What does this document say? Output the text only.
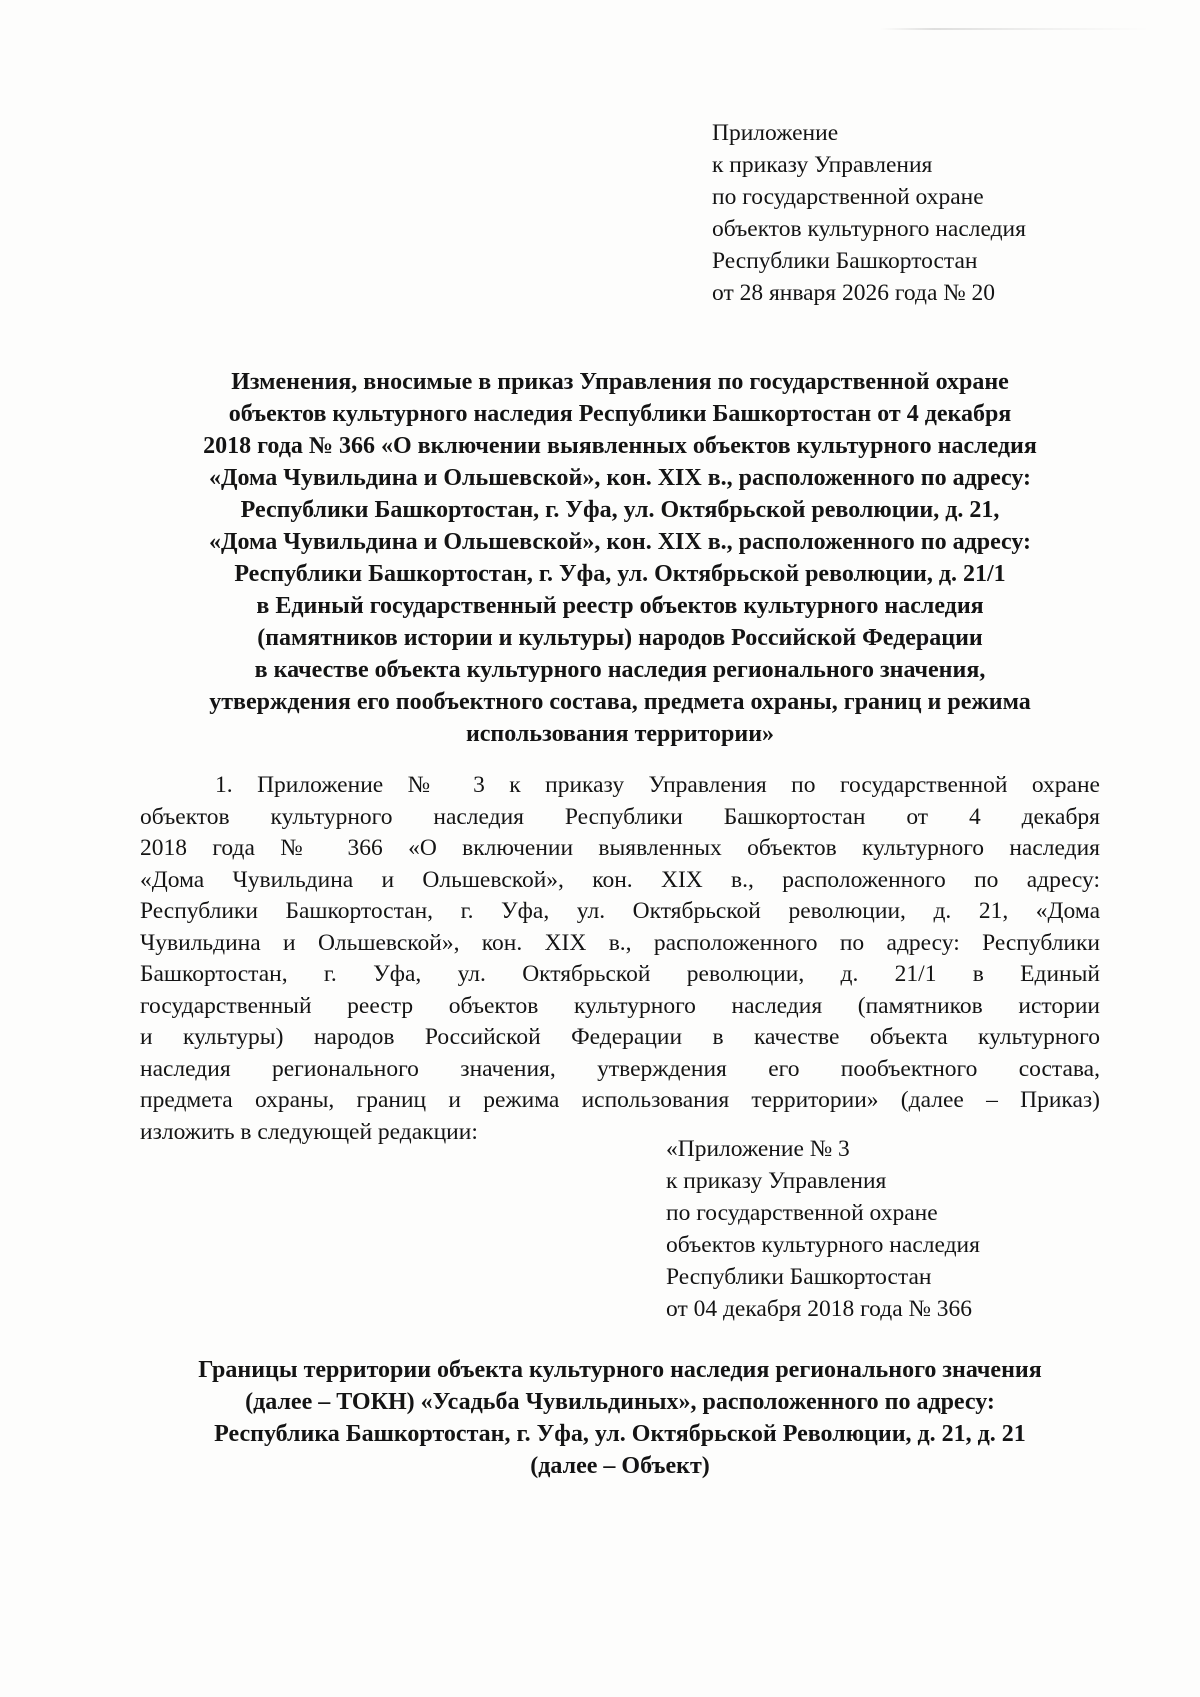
Приложение
к приказу Управления
по государственной охране
объектов культурного наследия
Республики Башкортостан
от 28 января 2026 года № 20
Изменения, вносимые в приказ Управления по государственной охране
объектов культурного наследия Республики Башкортостан от 4 декабря
2018 года № 366 «О включении выявленных объектов культурного наследия
«Дома Чувильдина и Ольшевской», кон. XIX в., расположенного по адресу:
Республики Башкортостан, г. Уфа, ул. Октябрьской революции, д. 21,
«Дома Чувильдина и Ольшевской», кон. XIX в., расположенного по адресу:
Республики Башкортостан, г. Уфа, ул. Октябрьской революции, д. 21/1
в Единый государственный реестр объектов культурного наследия
(памятников истории и культуры) народов Российской Федерации
в качестве объекта культурного наследия регионального значения,
утверждения его пообъектного состава, предмета охраны, границ и режима
использования территории»
1. Приложение № 3 к приказу Управления по государственной охране
объектов культурного наследия Республики Башкортостан от 4 декабря
2018 года № 366 «О включении выявленных объектов культурного наследия
«Дома Чувильдина и Ольшевской», кон. XIX в., расположенного по адресу:
Республики Башкортостан, г. Уфа, ул. Октябрьской революции, д. 21, «Дома
Чувильдина и Ольшевской», кон. XIX в., расположенного по адресу: Республики
Башкортостан, г. Уфа, ул. Октябрьской революции, д. 21/1 в Единый
государственный реестр объектов культурного наследия (памятников истории
и культуры) народов Российской Федерации в качестве объекта культурного
наследия регионального значения, утверждения его пообъектного состава,
предмета охраны, границ и режима использования территории» (далее – Приказ)
изложить в следующей редакции:
«Приложение № 3
к приказу Управления
по государственной охране
объектов культурного наследия
Республики Башкортостан
от 04 декабря 2018 года № 366
Границы территории объекта культурного наследия регионального значения
(далее – ТОКН) «Усадьба Чувильдиных», расположенного по адресу:
Республика Башкортостан, г. Уфа, ул. Октябрьской Революции, д. 21, д. 21
(далее – Объект)
